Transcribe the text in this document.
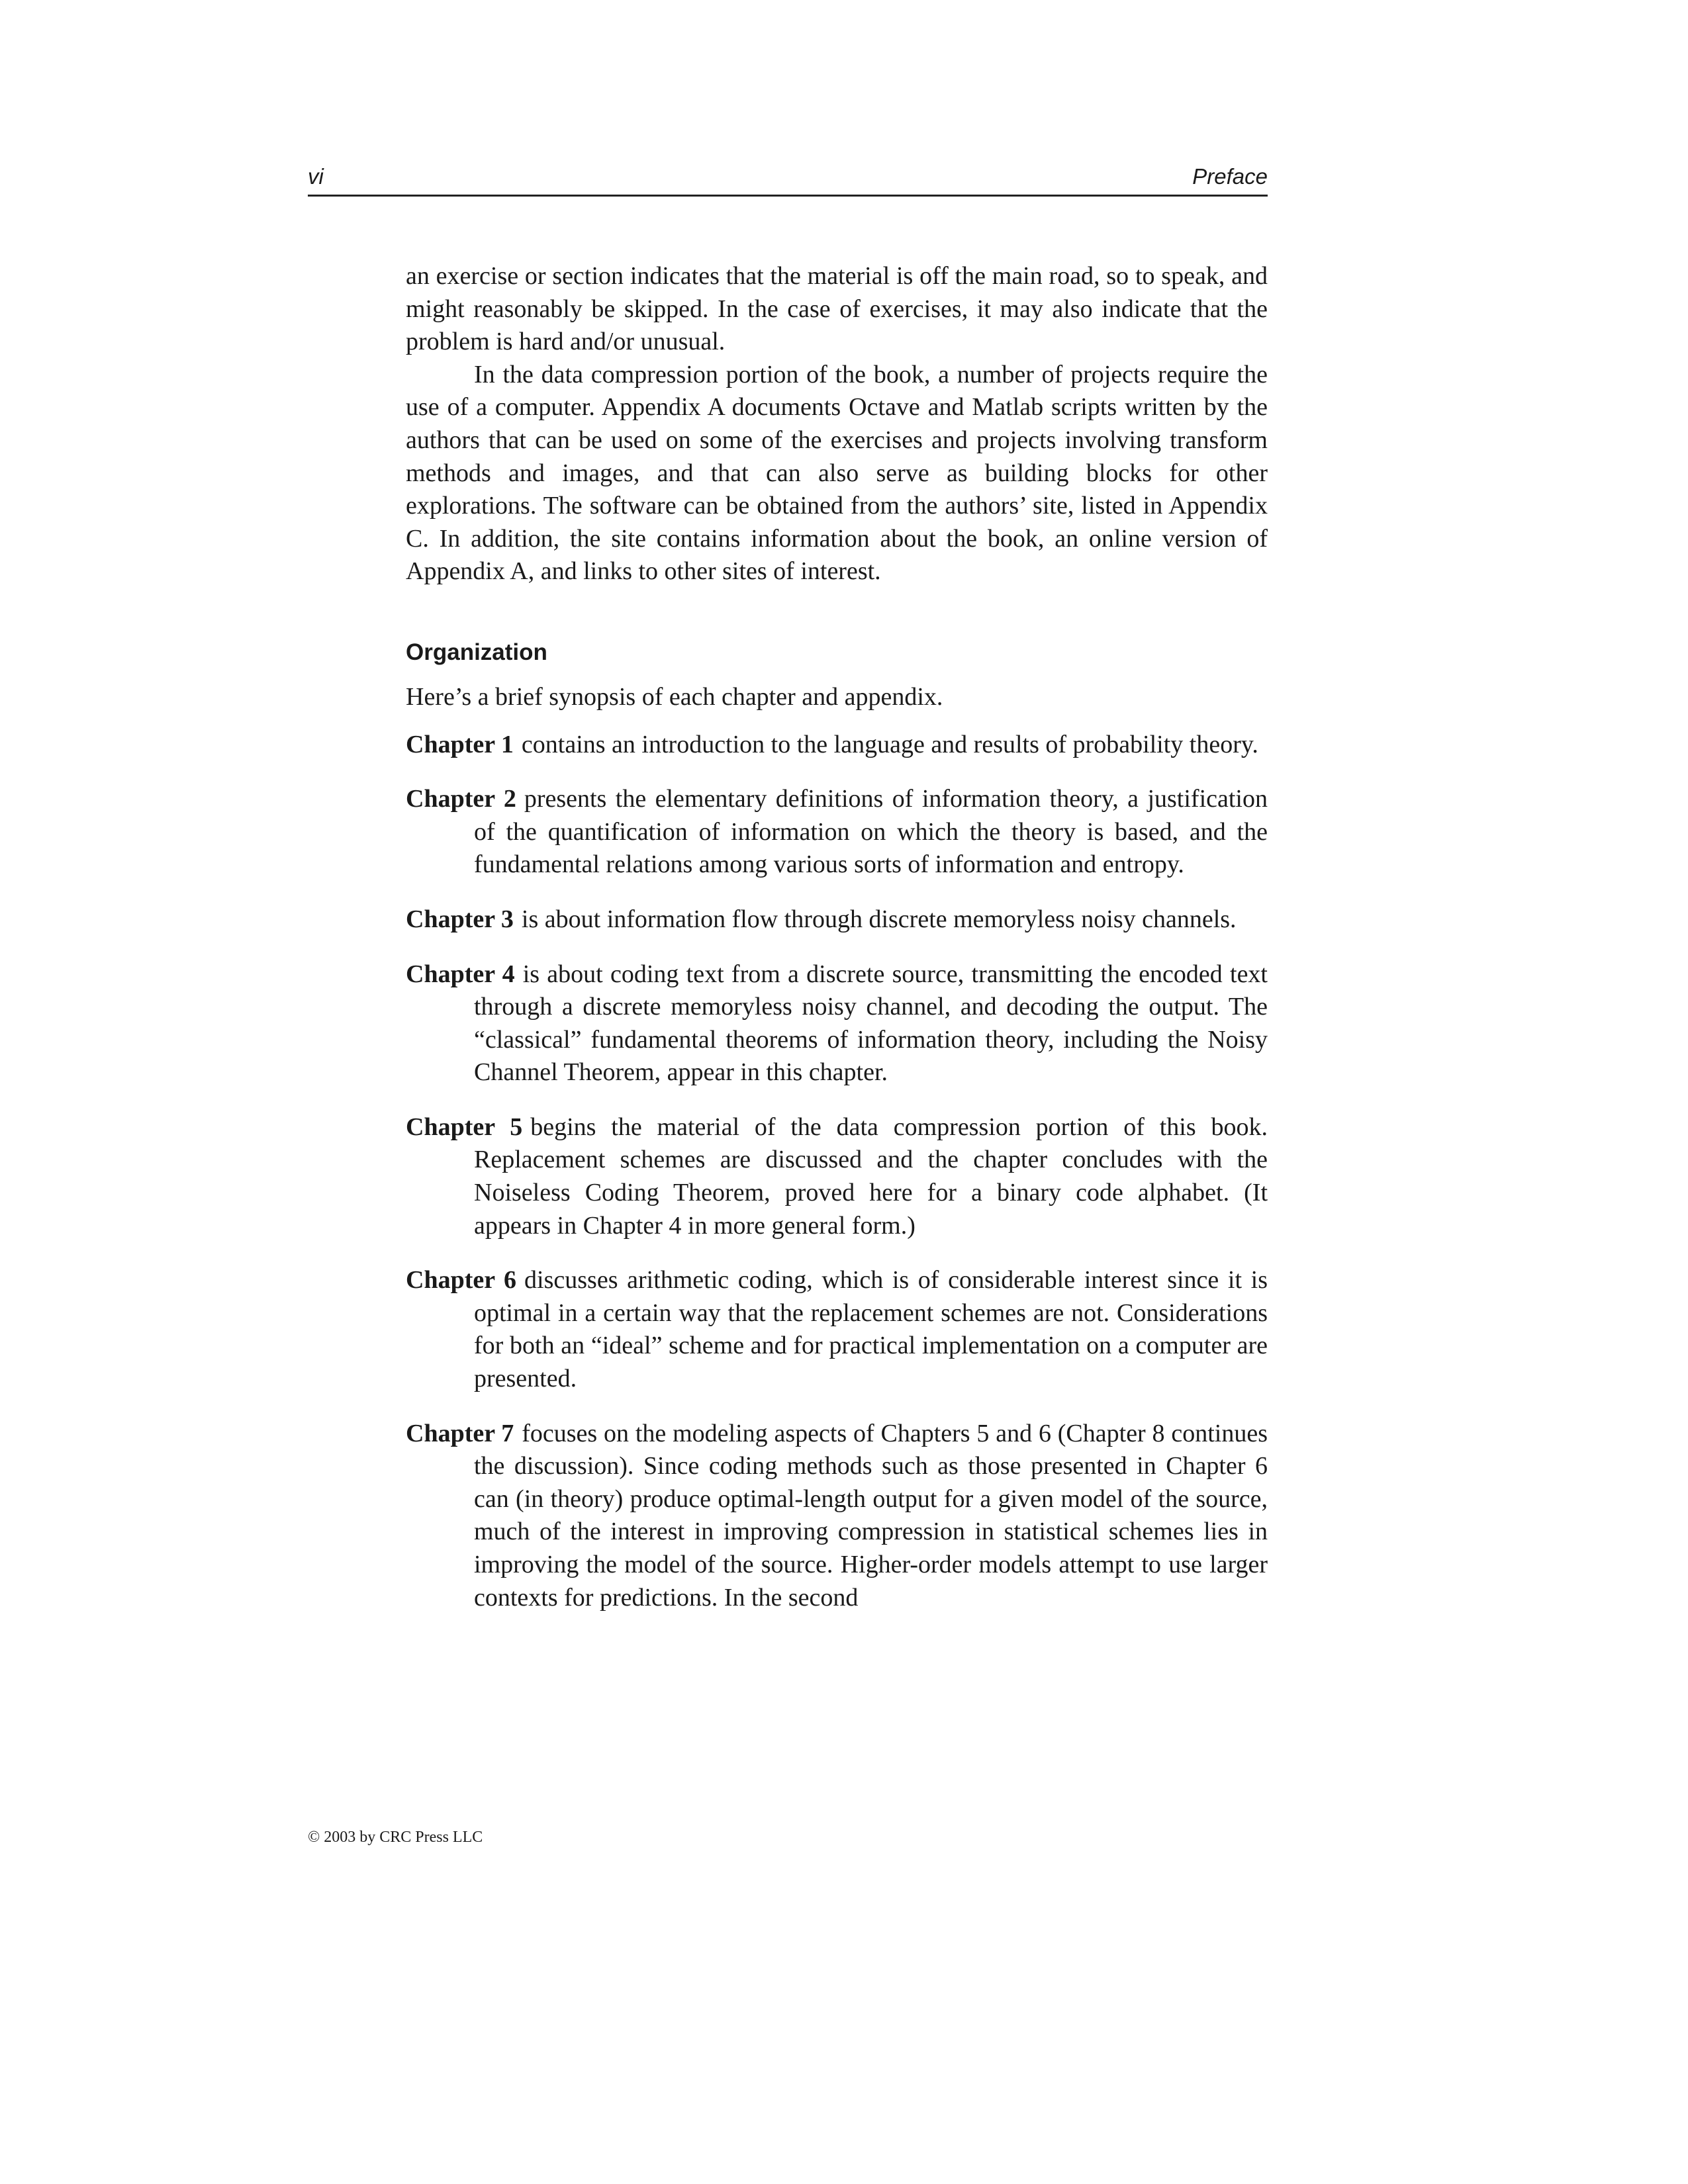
vi	Preface

an exercise or section indicates that the material is off the main road, so to speak, and might reasonably be skipped. In the case of exercises, it may also indicate that the problem is hard and/or unusual.

In the data compression portion of the book, a number of projects require the use of a computer. Appendix A documents Octave and Matlab scripts written by the authors that can be used on some of the exercises and projects involving transform methods and images, and that can also serve as building blocks for other explorations. The software can be obtained from the authors’ site, listed in Appendix C. In addition, the site contains information about the book, an online version of Appendix A, and links to other sites of interest.

Organization

Here’s a brief synopsis of each chapter and appendix.

Chapter 1 contains an introduction to the language and results of probability theory.
Chapter 2 presents the elementary definitions of information theory, a justification of the quantification of information on which the theory is based, and the fundamental relations among various sorts of information and entropy.
Chapter 3 is about information flow through discrete memoryless noisy channels.
Chapter 4 is about coding text from a discrete source, transmitting the encoded text through a discrete memoryless noisy channel, and decoding the output. The “classical” fundamental theorems of information theory, including the Noisy Channel Theorem, appear in this chapter.
Chapter 5 begins the material of the data compression portion of this book. Replacement schemes are discussed and the chapter concludes with the Noiseless Coding Theorem, proved here for a binary code alphabet. (It appears in Chapter 4 in more general form.)
Chapter 6 discusses arithmetic coding, which is of considerable interest since it is optimal in a certain way that the replacement schemes are not. Considerations for both an “ideal” scheme and for practical implementation on a computer are presented.
Chapter 7 focuses on the modeling aspects of Chapters 5 and 6 (Chapter 8 continues the discussion). Since coding methods such as those presented in Chapter 6 can (in theory) produce optimal-length output for a given model of the source, much of the interest in improving compression in statistical schemes lies in improving the model of the source. Higher-order models attempt to use larger contexts for predictions. In the second
© 2003 by CRC Press LLC
